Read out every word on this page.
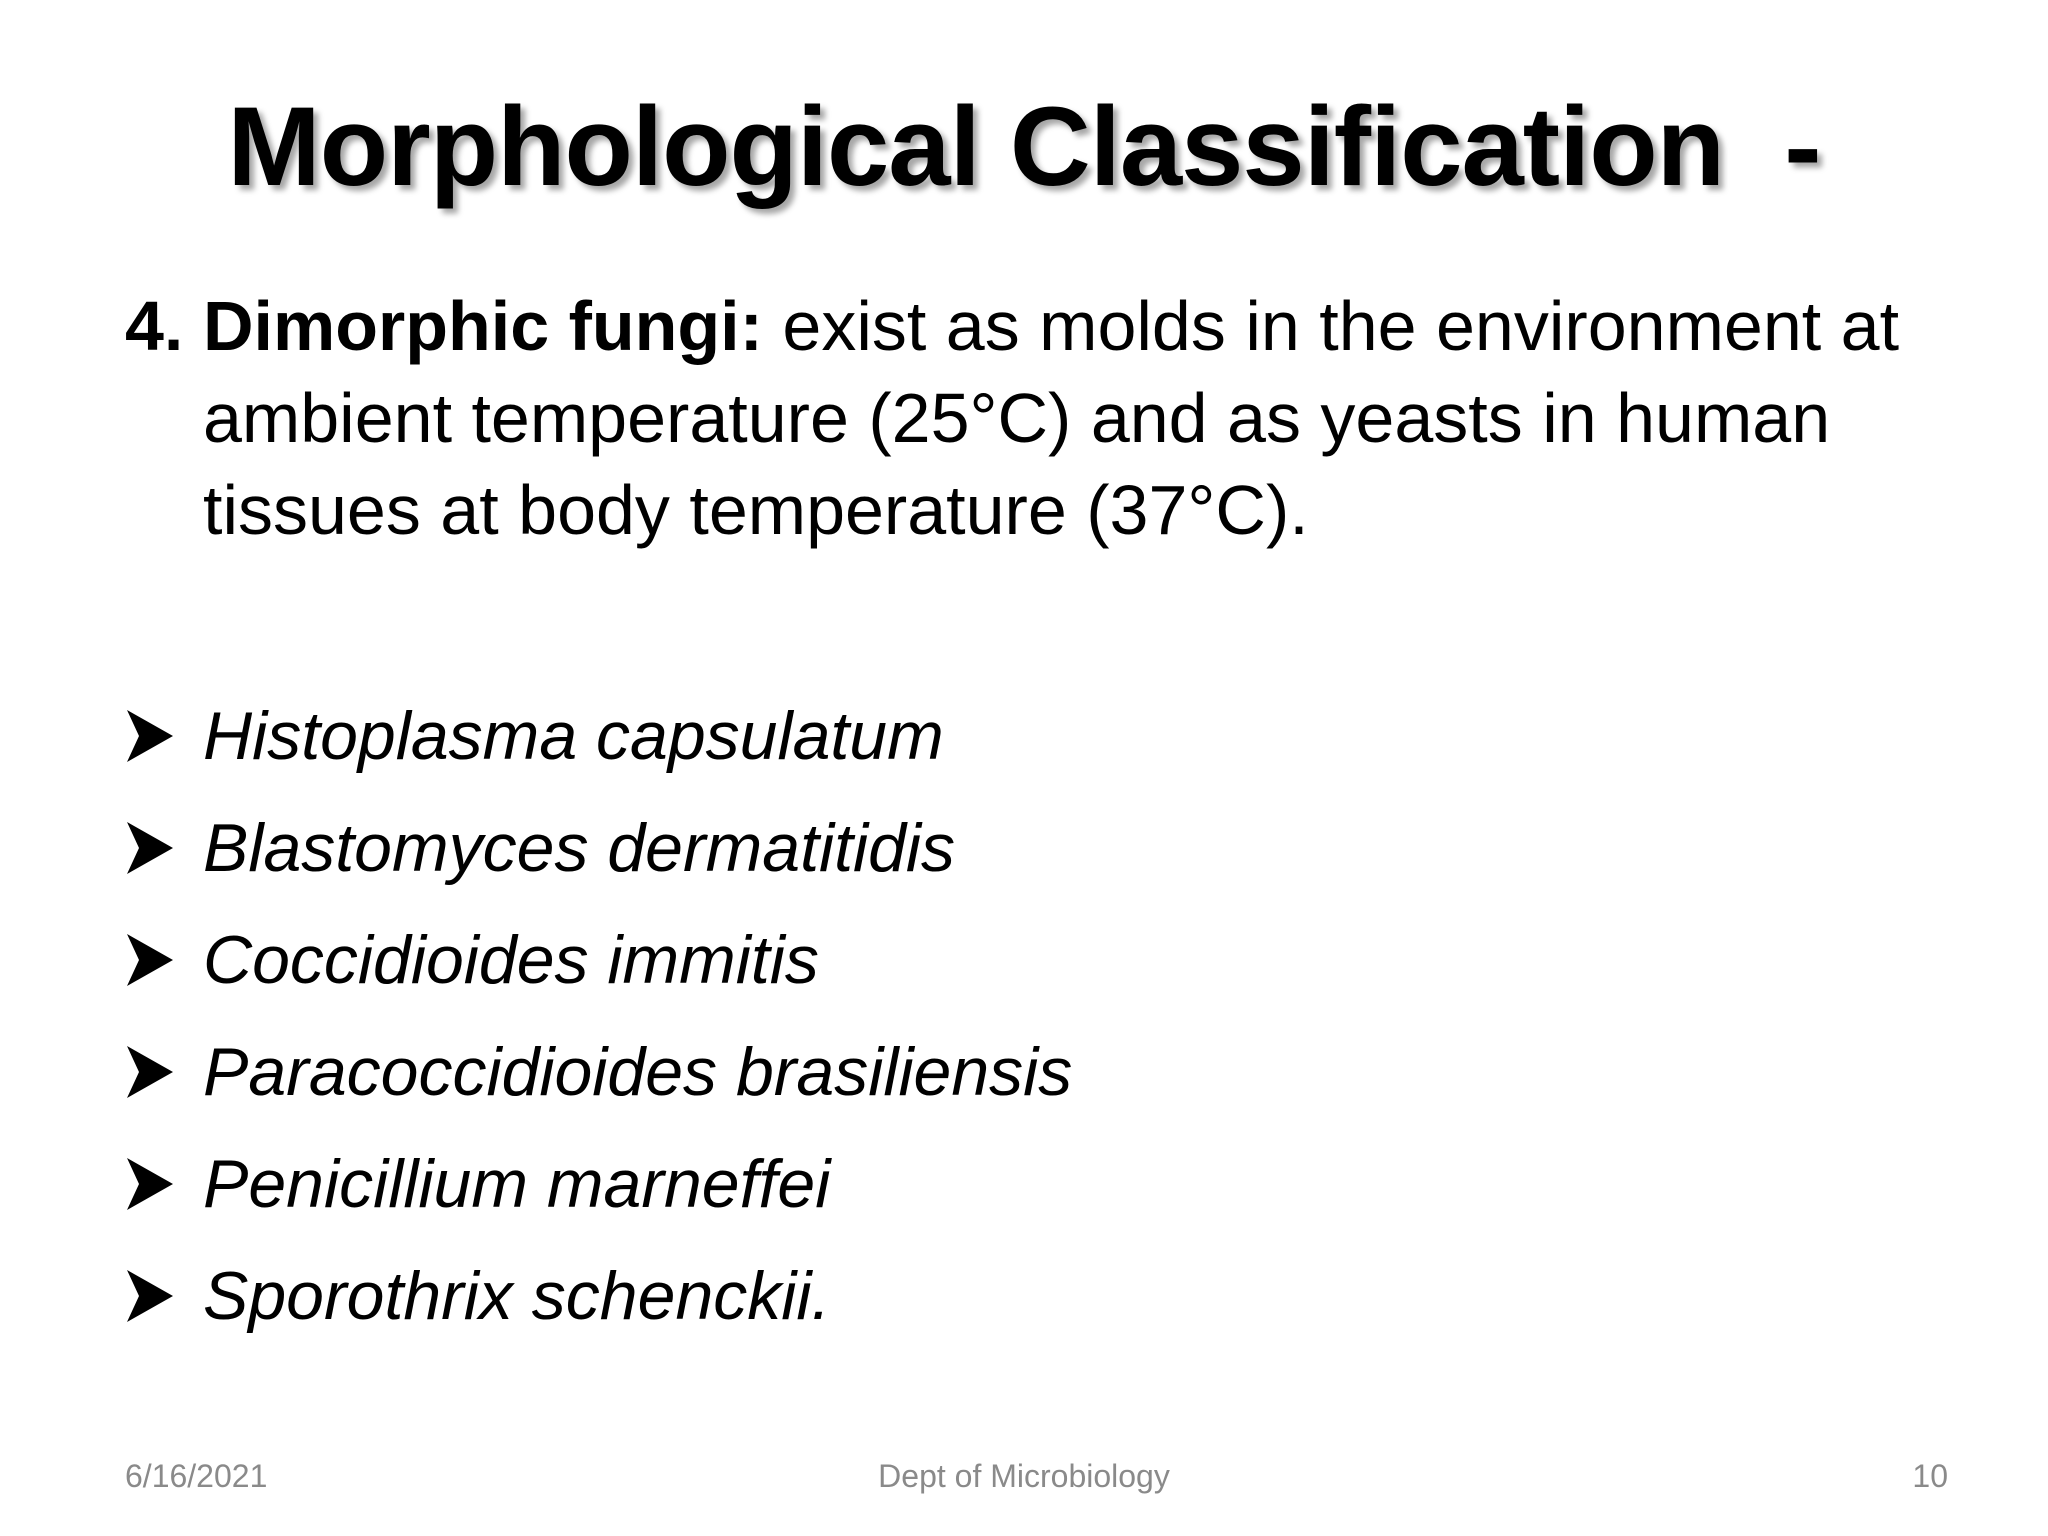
Morphological Classification  -
4. Dimorphic fungi: exist as molds in the environment at ambient temperature (25°C) and as yeasts in human tissues at body temperature (37°C).
Histoplasma capsulatum
Blastomyces dermatitidis
Coccidioides immitis
Paracoccidioides brasiliensis
Penicillium marneffei
Sporothrix schenckii.
6/16/2021	Dept of Microbiology	10
